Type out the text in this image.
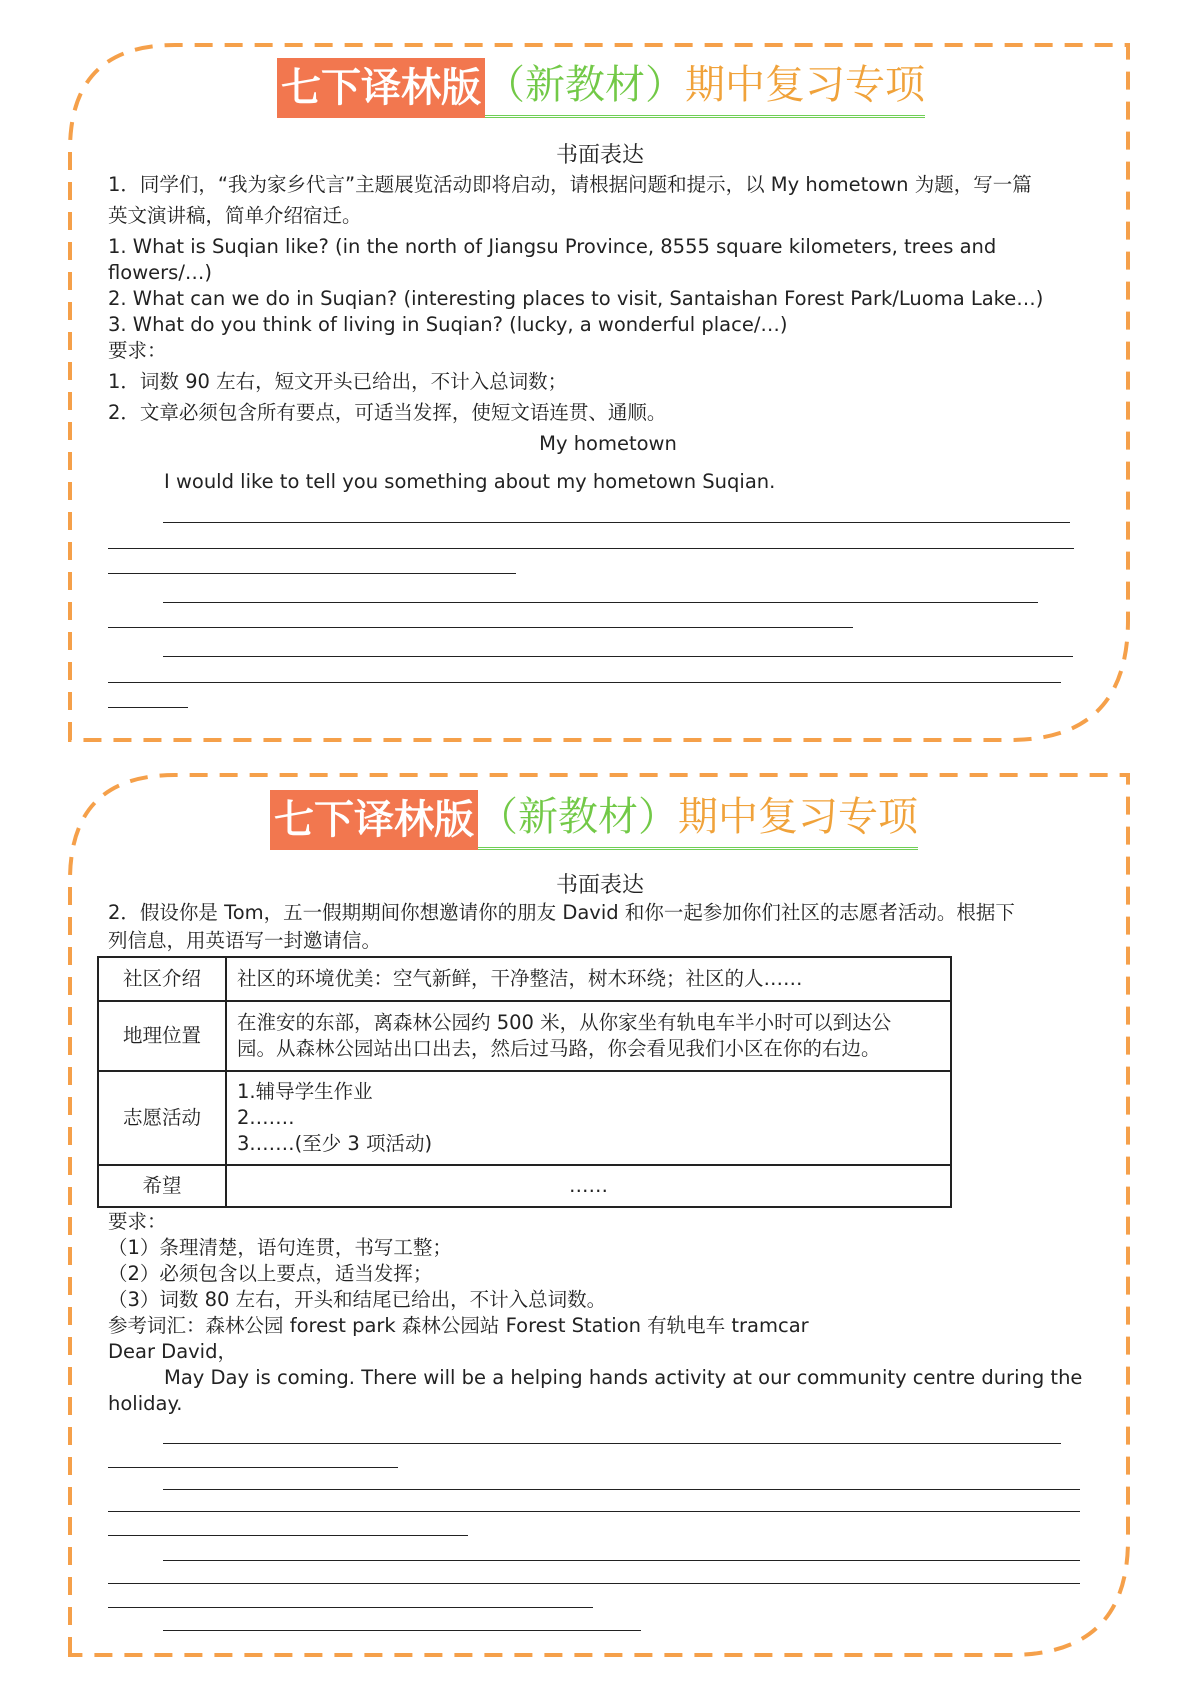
七下译林版 （新教材）期中复习专项
书面表达

1．同学们，“我为家乡代言”主题展览活动即将启动，请根据问题和提示，以 My hometown 为题，写一篇

英文演讲稿，简单介绍宿迁。

1. What is Suqian like? (in the north of Jiangsu Province, 8555 square kilometers, trees and

flowers/…)

2. What can we do in Suqian? (interesting places to visit, Santaishan Forest Park/Luoma Lake…)

3. What do you think of living in Suqian? (lucky, a wonderful place/…)

要求：

1．词数 90 左右，短文开头已给出，不计入总词数；

2．文章必须包含所有要点，可适当发挥，使短文语连贯、通顺。

My hometown

I would like to tell you something about my hometown Suqian.

七下译林版 （新教材）期中复习专项
书面表达

2．假设你是 Tom，五一假期期间你想邀请你的朋友 David 和你一起参加你们社区的志愿者活动。根据下

列信息，用英语写一封邀请信。

社区介绍	社区的环境优美：空气新鲜，干净整洁，树木环绕；社区的人……
地理位置	在淮安的东部，离森林公园约 500 米，从你家坐有轨电车半小时可以到达公
园。从森林公园站出口出去，然后过马路，你会看见我们小区在你的右边。

志愿活动	1.辅导学生作业
2.……
3.……(至少 3 项活动)

希望	……

要求：

（1）条理清楚，语句连贯，书写工整；

（2）必须包含以上要点，适当发挥；

（3）词数 80 左右，开头和结尾已给出，不计入总词数。

参考词汇：森林公园 forest park 森林公园站 Forest Station 有轨电车 tramcar

Dear David，

May Day is coming. There will be a helping hands activity at our community centre during the

holiday.
